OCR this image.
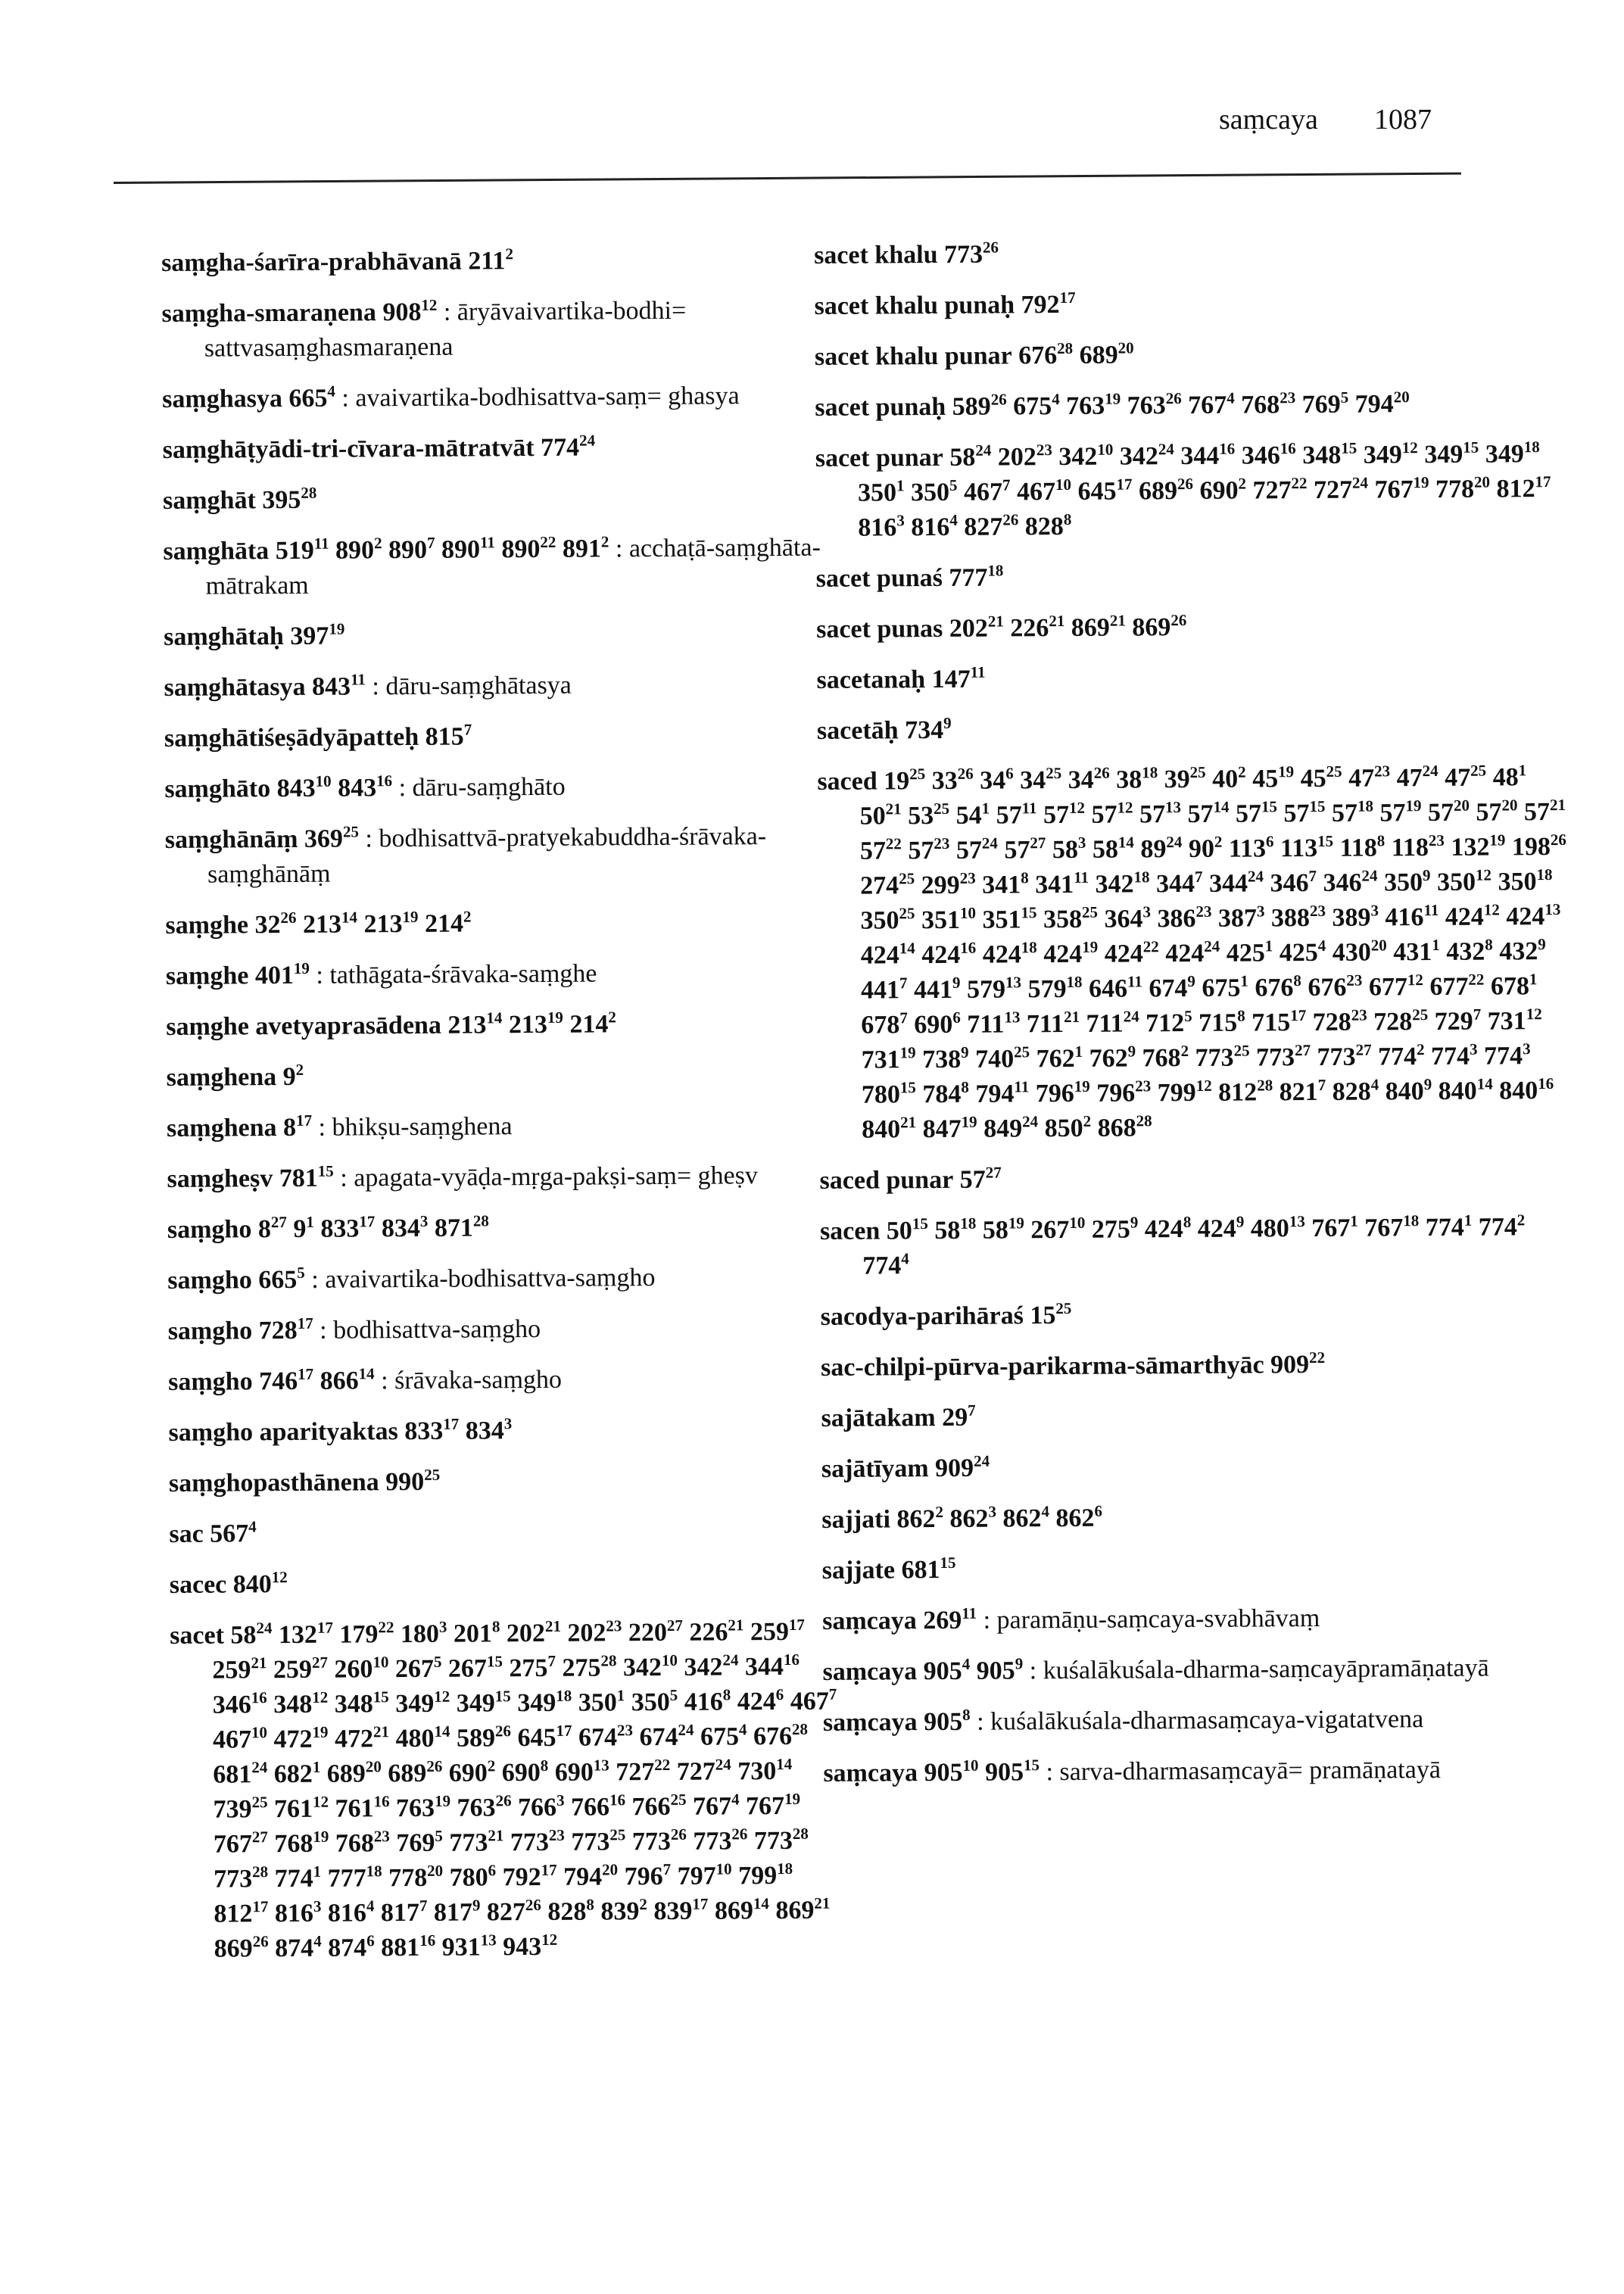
saṃcaya 1087
saṃgha-śarīra-prabhāvanā $211^2$
saṃgha-smaraṇena $908^{12}$ : āryāvaivartika-bodhi= sattvasaṃghasmaraṇena
saṃghasya $665^4$ : avaivartika-bodhisattva-saṃ= ghasya
saṃghāṭyādi-tri-cīvara-mātratvāt $774^{24}$
saṃghāt $395^{28}$
saṃghāta $519^{11}$ $890^2$ $890^7$ $890^{11}$ $890^{22}$ $891^2$ : acchaṭā-saṃghāta-mātrakam
saṃghātaḥ $397^{19}$
saṃghātasya $843^{11}$ : dāru-saṃghātasya
saṃghātiśeṣādyāpatteḥ $815^7$
saṃghāto $843^{10}$ $843^{16}$ : dāru-saṃghāto
saṃghānāṃ $369^{25}$ : bodhisattvā-pratyekabuddha-śrāvaka-saṃghānāṃ
saṃghe $32^{26}$ $213^{14}$ $213^{19}$ $214^2$
saṃghe $401^{19}$ : tathāgata-śrāvaka-saṃghe
saṃghe avetyaprasādena $213^{14}$ $213^{19}$ $214^2$
saṃghena $9^2$
saṃghena $8^{17}$ : bhikṣu-saṃghena
saṃgheṣv $781^{15}$ : apagata-vyāḍa-mṛga-pakṣi-saṃ= gheṣv
saṃgho $8^{27}$ $9^1$ $833^{17}$ $834^3$ $871^{28}$
saṃgho $665^5$ : avaivartika-bodhisattva-saṃgho
saṃgho $728^{17}$ : bodhisattva-saṃgho
saṃgho $746^{17}$ $866^{14}$ : śrāvaka-saṃgho
saṃgho aparityaktas $833^{17}$ $834^3$
saṃghopasthānena $990^{25}$
sac $567^4$
sacec $840^{12}$
sacet $58^{24}$ $132^{17}$ $179^{22}$ $180^3$ $201^8$ $202^{21}$ $202^{23}$ $220^{27}$ $226^{21}$ $259^{17}$ $259^{21}$ $259^{27}$ $260^{10}$ $267^5$ $267^{15}$ $275^7$ $275^{28}$ $342^{10}$ $342^{24}$ $344^{16}$ $346^{16}$ $348^{12}$ $348^{15}$ $349^{12}$ $349^{15}$ $349^{18}$ $350^1$ $350^5$ $416^8$ $424^6$ $467^7$ $467^{10}$ $472^{19}$ $472^{21}$ $480^{14}$ $589^{26}$ $645^{17}$ $674^{23}$ $674^{24}$ $675^4$ $676^{28}$ $681^{24}$ $682^1$ $689^{20}$ $689^{26}$ $690^2$ $690^8$ $690^{13}$ $727^{22}$ $727^{24}$ $730^{14}$ $739^{25}$ $761^{12}$ $761^{16}$ $763^{19}$ $763^{26}$ $766^3$ $766^{16}$ $766^{25}$ $767^4$ $767^{19}$ $767^{27}$ $768^{19}$ $768^{23}$ $769^5$ $773^{21}$ $773^{23}$ $773^{25}$ $773^{26}$ $773^{26}$ $773^{28}$ $773^{28}$ $774^1$ $777^{18}$ $778^{20}$ $780^6$ $792^{17}$ $794^{20}$ $796^7$ $797^{10}$ $799^{18}$ $812^{17}$ $816^3$ $816^4$ $817^7$ $817^9$ $827^{26}$ $828^8$ $839^2$ $839^{17}$ $869^{14}$ $869^{21}$ $869^{26}$ $874^4$ $874^6$ $881^{16}$ $931^{13}$ $943^{12}$
sacet khalu $773^{26}$
sacet khalu punaḥ $792^{17}$
sacet khalu punar $676^{28}$ $689^{20}$
sacet punaḥ $589^{26}$ $675^4$ $763^{19}$ $763^{26}$ $767^4$ $768^{23}$ $769^5$ $794^{20}$
sacet punar $58^{24}$ $202^{23}$ $342^{10}$ $342^{24}$ $344^{16}$ $346^{16}$ $348^{15}$ $349^{12}$ $349^{15}$ $349^{18}$ $350^1$ $350^5$ $467^7$ $467^{10}$ $645^{17}$ $689^{26}$ $690^2$ $727^{22}$ $727^{24}$ $767^{19}$ $778^{20}$ $812^{17}$ $816^3$ $816^4$ $827^{26}$ $828^8$
sacet punaś $777^{18}$
sacet punas $202^{21}$ $226^{21}$ $869^{21}$ $869^{26}$
sacetanaḥ $147^{11}$
sacetāḥ $734^9$
saced $19^{25}$ $33^{26}$ $34^6$ $34^{25}$ $34^{26}$ $38^{18}$ $39^{25}$ $40^2$ $45^{19}$ $45^{25}$ $47^{23}$ $47^{24}$ $47^{25}$ $48^1$ $50^{21}$ $53^{25}$ $54^1$ $57^{11}$ $57^{12}$ $57^{12}$ $57^{13}$ $57^{14}$ $57^{15}$ $57^{15}$ $57^{18}$ $57^{19}$ $57^{20}$ $57^{20}$ $57^{21}$ $57^{22}$ $57^{23}$ $57^{24}$ $57^{27}$ $58^3$ $58^{14}$ $89^{24}$ $90^2$ $113^6$ $113^{15}$ $118^8$ $118^{23}$ $132^{19}$ $198^{26}$ $274^{25}$ $299^{23}$ $341^8$ $341^{11}$ $342^{18}$ $344^7$ $344^{24}$ $346^7$ $346^{24}$ $350^9$ $350^{12}$ $350^{18}$ $350^{25}$ $351^{10}$ $351^{15}$ $358^{25}$ $364^3$ $386^{23}$ $387^3$ $388^{23}$ $389^3$ $416^{11}$ $424^{12}$ $424^{13}$ $424^{14}$ $424^{16}$ $424^{18}$ $424^{19}$ $424^{22}$ $424^{24}$ $425^1$ $425^4$ $430^{20}$ $431^1$ $432^8$ $432^9$ $441^7$ $441^9$ $579^{13}$ $579^{18}$ $646^{11}$ $674^9$ $675^1$ $676^8$ $676^{23}$ $677^{12}$ $677^{22}$ $678^1$ $678^7$ $690^6$ $711^{13}$ $711^{21}$ $711^{24}$ $712^5$ $715^8$ $715^{17}$ $728^{23}$ $728^{25}$ $729^7$ $731^{12}$ $731^{19}$ $738^9$ $740^{25}$ $762^1$ $762^9$ $768^2$ $773^{25}$ $773^{27}$ $773^{27}$ $774^2$ $774^3$ $774^3$ $780^{15}$ $784^8$ $794^{11}$ $796^{19}$ $796^{23}$ $799^{12}$ $812^{28}$ $821^7$ $828^4$ $840^9$ $840^{14}$ $840^{16}$ $840^{21}$ $847^{19}$ $849^{24}$ $850^2$ $868^{28}$
saced punar $57^{27}$
sacen $50^{15}$ $58^{18}$ $58^{19}$ $267^{10}$ $275^9$ $424^8$ $424^9$ $480^{13}$ $767^1$ $767^{18}$ $774^1$ $774^2$ $774^4$
sacodya-parihāraś $15^{25}$
sac-chilpi-pūrva-parikarma-sāmarthyāc $909^{22}$
sajātakam $29^7$
sajātīyam $909^{24}$
sajjati $862^2$ $862^3$ $862^4$ $862^6$
sajjate $681^{15}$
saṃcaya $269^{11}$ : paramāṇu-saṃcaya-svabhāvaṃ
saṃcaya $905^4$ $905^9$ : kuśalākuśala-dharma-saṃcayāpramāṇatayā
saṃcaya $905^8$ : kuśalākuśala-dharmasaṃcaya-vigatatvena
saṃcaya $905^{10}$ $905^{15}$ : sarva-dharmasaṃcayā= pramāṇatayā
